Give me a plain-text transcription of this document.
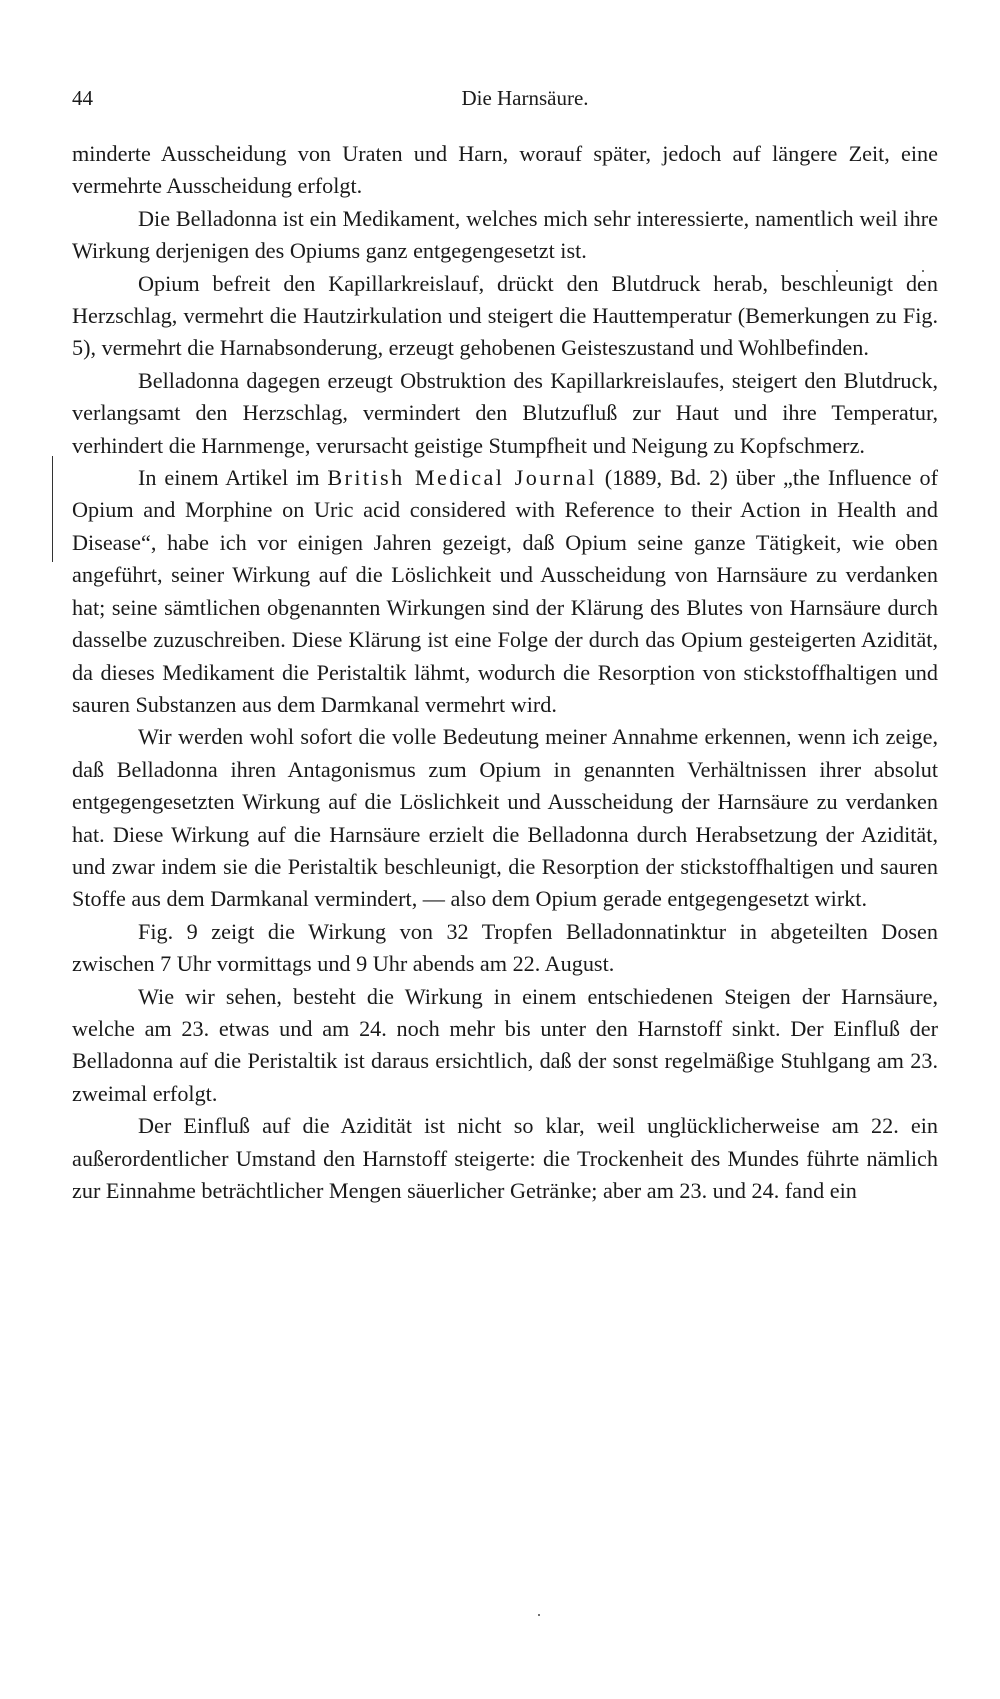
44	Die Harnsäure.

minderte Ausscheidung von Uraten und Harn, worauf später, jedoch auf längere Zeit, eine vermehrte Ausscheidung erfolgt.

Die Belladonna ist ein Medikament, welches mich sehr interessierte, namentlich weil ihre Wirkung derjenigen des Opiums ganz entgegengesetzt ist.

Opium befreit den Kapillarkreislauf, drückt den Blutdruck herab, beschleunigt den Herzschlag, vermehrt die Hautzirkulation und steigert die Hauttemperatur (Bemerkungen zu Fig. 5), vermehrt die Harnabsonderung, erzeugt gehobenen Geisteszustand und Wohlbefinden.

Belladonna dagegen erzeugt Obstruktion des Kapillarkreislaufes, steigert den Blutdruck, verlangsamt den Herzschlag, vermindert den Blutzufluß zur Haut und ihre Temperatur, verhindert die Harnmenge, verursacht geistige Stumpfheit und Neigung zu Kopfschmerz.

In einem Artikel im British Medical Journal (1889, Bd. 2) über „the Influence of Opium and Morphine on Uric acid considered with Reference to their Action in Health and Disease“, habe ich vor einigen Jahren gezeigt, daß Opium seine ganze Tätigkeit, wie oben angeführt, seiner Wirkung auf die Löslichkeit und Ausscheidung von Harnsäure zu verdanken hat; seine sämtlichen obgenannten Wirkungen sind der Klärung des Blutes von Harnsäure durch dasselbe zuzuschreiben. Diese Klärung ist eine Folge der durch das Opium gesteigerten Azidität, da dieses Medikament die Peristaltik lähmt, wodurch die Resorption von stickstoffhaltigen und sauren Substanzen aus dem Darmkanal vermehrt wird.

Wir werden wohl sofort die volle Bedeutung meiner Annahme erkennen, wenn ich zeige, daß Belladonna ihren Antagonismus zum Opium in genannten Verhältnissen ihrer absolut entgegengesetzten Wirkung auf die Löslichkeit und Ausscheidung der Harnsäure zu verdanken hat. Diese Wirkung auf die Harnsäure erzielt die Belladonna durch Herabsetzung der Azidität, und zwar indem sie die Peristaltik beschleunigt, die Resorption der stickstoffhaltigen und sauren Stoffe aus dem Darmkanal vermindert, — also dem Opium gerade entgegengesetzt wirkt.

Fig. 9 zeigt die Wirkung von 32 Tropfen Belladonnatinktur in abgeteilten Dosen zwischen 7 Uhr vormittags und 9 Uhr abends am 22. August.

Wie wir sehen, besteht die Wirkung in einem entschiedenen Steigen der Harnsäure, welche am 23. etwas und am 24. noch mehr bis unter den Harnstoff sinkt. Der Einfluß der Belladonna auf die Peristaltik ist daraus ersichtlich, daß der sonst regelmäßige Stuhlgang am 23. zweimal erfolgt.

Der Einfluß auf die Azidität ist nicht so klar, weil unglücklicherweise am 22. ein außerordentlicher Umstand den Harnstoff steigerte: die Trockenheit des Mundes führte nämlich zur Einnahme beträchtlicher Mengen säuerlicher Getränke; aber am 23. und 24. fand ein
